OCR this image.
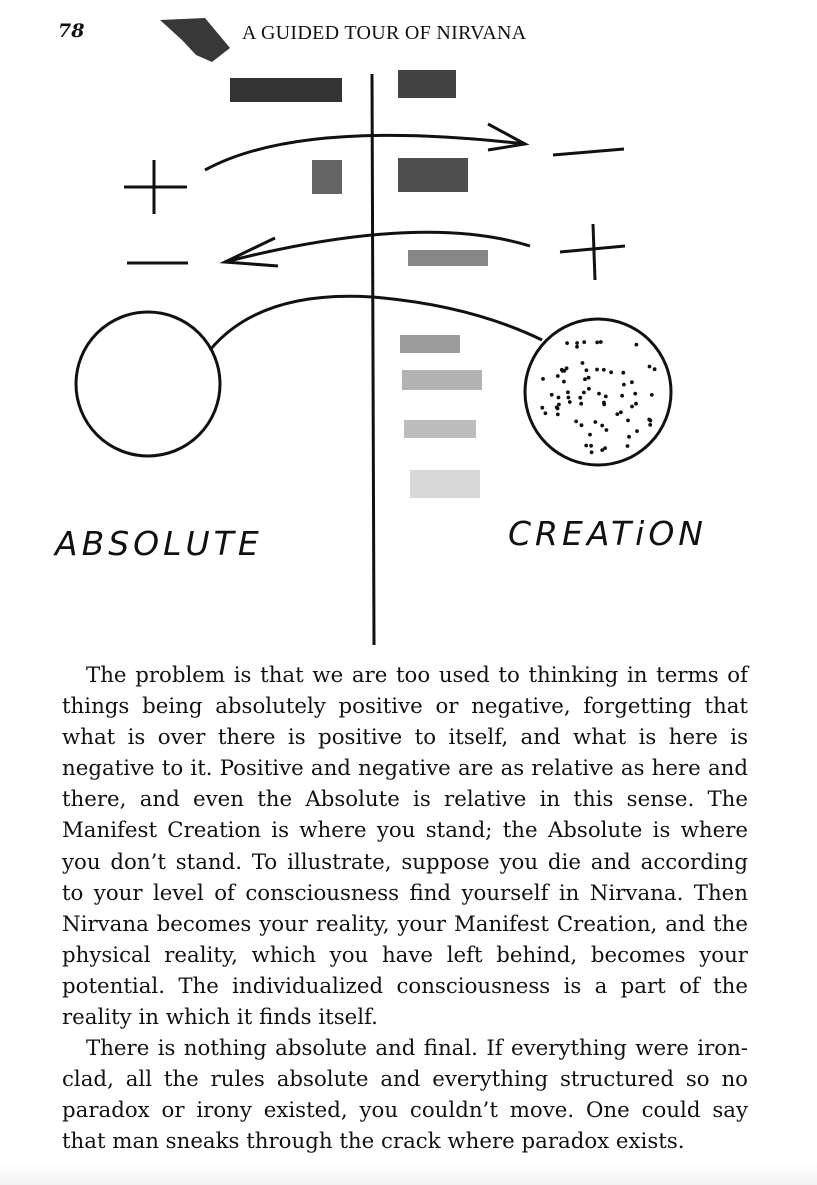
78	A GUIDED TOUR OF NIRVANA
ABSOLUTE	CREATiON

The problem is that we are too used to thinking in terms of things being absolutely positive or negative, forgetting that what is over there is positive to itself, and what is here is negative to it. Positive and negative are as relative as here and there, and even the Absolute is relative in this sense. The Manifest Creation is where you stand; the Absolute is where you don’t stand. To illustrate, suppose you die and according to your level of consciousness find yourself in Nirvana. Then Nirvana becomes your reality, your Manifest Creation, and the physical reality, which you have left behind, becomes your potential. The individualized consciousness is a part of the reality in which it finds itself.

There is nothing absolute and final. If everything were iron-clad, all the rules absolute and everything structured so no paradox or irony existed, you couldn’t move. One could say that man sneaks through the crack where paradox exists.
